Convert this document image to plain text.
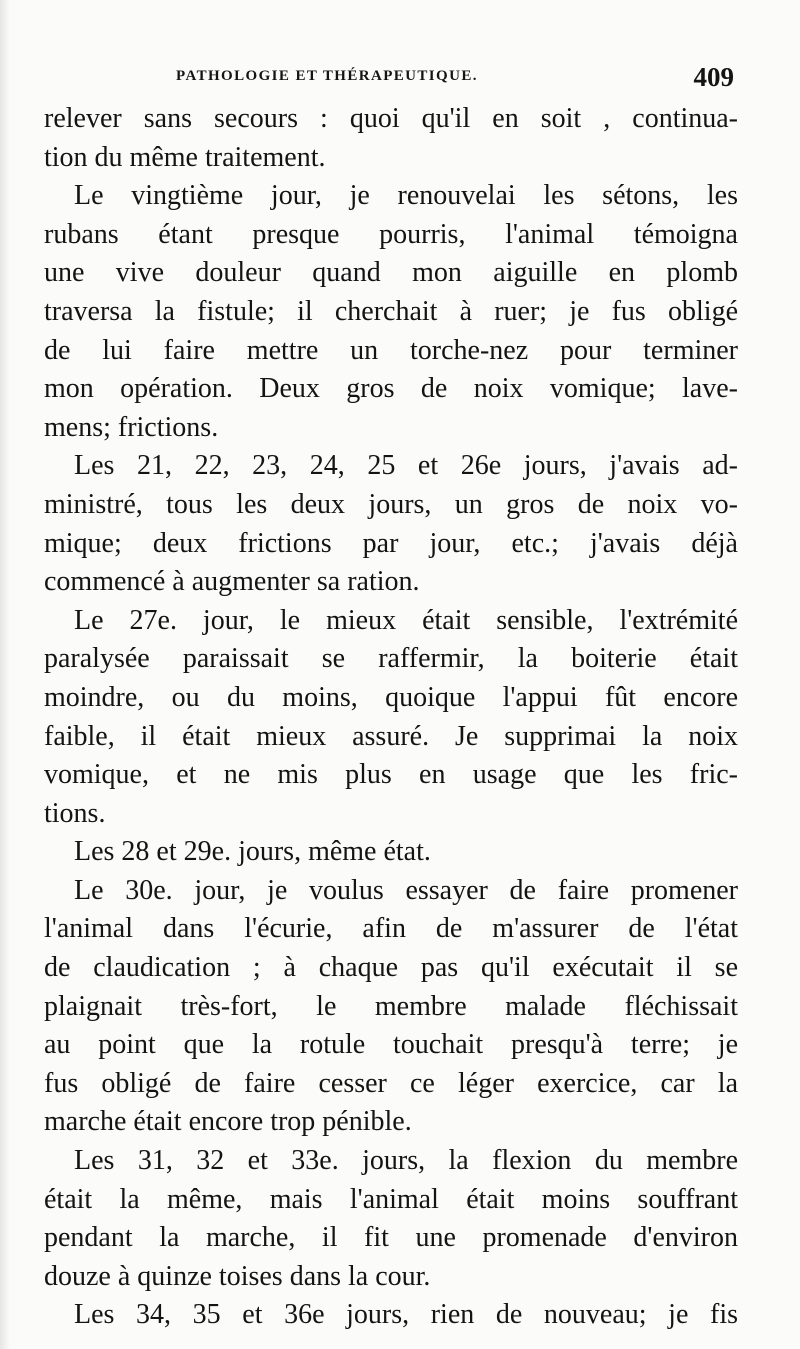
PATHOLOGIE ET THÉRAPEUTIQUE.	409
relever sans secours : quoi qu'il en soit , continua-
tion du même traitement.
Le vingtième jour, je renouvelai les sétons, les
rubans étant presque pourris, l'animal témoigna
une vive douleur quand mon aiguille en plomb
traversa la fistule; il cherchait à ruer; je fus obligé
de lui faire mettre un torche-nez pour terminer
mon opération. Deux gros de noix vomique; lave-
mens; frictions.
Les 21, 22, 23, 24, 25 et 26e jours, j'avais ad-
ministré, tous les deux jours, un gros de noix vo-
mique; deux frictions par jour, etc.; j'avais déjà
commencé à augmenter sa ration.
Le 27e. jour, le mieux était sensible, l'extrémité
paralysée paraissait se raffermir, la boiterie était
moindre, ou du moins, quoique l'appui fût encore
faible, il était mieux assuré. Je supprimai la noix
vomique, et ne mis plus en usage que les fric-
tions.
Les 28 et 29e. jours, même état.
Le 30e. jour, je voulus essayer de faire promener
l'animal dans l'écurie, afin de m'assurer de l'état
de claudication ; à chaque pas qu'il exécutait il se
plaignait très-fort, le membre malade fléchissait
au point que la rotule touchait presqu'à terre; je
fus obligé de faire cesser ce léger exercice, car la
marche était encore trop pénible.
Les 31, 32 et 33e. jours, la flexion du membre
était la même, mais l'animal était moins souffrant
pendant la marche, il fit une promenade d'environ
douze à quinze toises dans la cour.
Les 34, 35 et 36e jours, rien de nouveau; je fis
